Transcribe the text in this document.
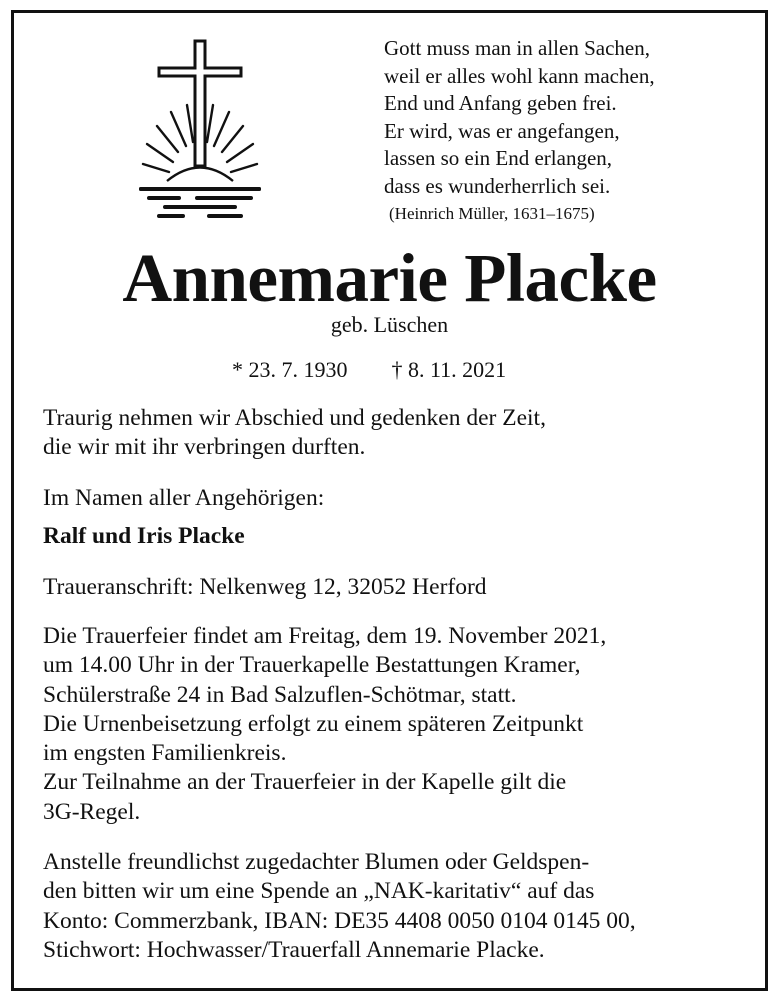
Gott muss man in allen Sachen,
weil er alles wohl kann machen,
End und Anfang geben frei.
Er wird, was er angefangen,
lassen so ein End erlangen,
dass es wunderherrlich sei.
(Heinrich Müller, 1631–1675)
Annemarie Placke
geb. Lüschen
* 23. 7. 1930 † 8. 11. 2021
Traurig nehmen wir Abschied und gedenken der Zeit,
die wir mit ihr verbringen durften.
Im Namen aller Angehörigen:
Ralf und Iris Placke
Traueranschrift: Nelkenweg 12, 32052 Herford
Die Trauerfeier findet am Freitag, dem 19. November 2021,
um 14.00 Uhr in der Trauerkapelle Bestattungen Kramer,
Schülerstraße 24 in Bad Salzuflen-Schötmar, statt.
Die Urnenbeisetzung erfolgt zu einem späteren Zeitpunkt
im engsten Familienkreis.
Zur Teilnahme an der Trauerfeier in der Kapelle gilt die
3G-Regel.
Anstelle freundlichst zugedachter Blumen oder Geldspen-
den bitten wir um eine Spende an „NAK-karitativ“ auf das
Konto: Commerzbank, IBAN: DE35 4408 0050 0104 0145 00,
Stichwort: Hochwasser/Trauerfall Annemarie Placke.
